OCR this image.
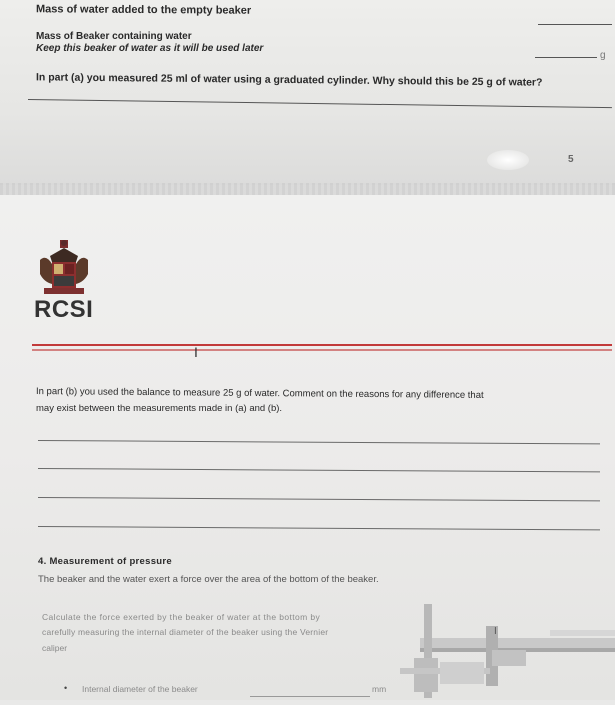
Mass of water added to the empty beaker
Mass of Beaker containing water
Keep this beaker of water as it will be used later
g
In part (a) you measured 25 ml of water using a graduated cylinder. Why should this be 25 g of water?
5
RCSI
I
In part (b) you used the balance to measure 25 g of water. Comment on the reasons for any difference that
may exist between the measurements made in (a) and (b).
4. Measurement of pressure
The beaker and the water exert a force over the area of the bottom of the beaker.
Calculate the force exerted by the beaker of water at the bottom by
carefully measuring the internal diameter of the beaker using the Vernier
caliper
I
• Internal diameter of the beaker	mm
